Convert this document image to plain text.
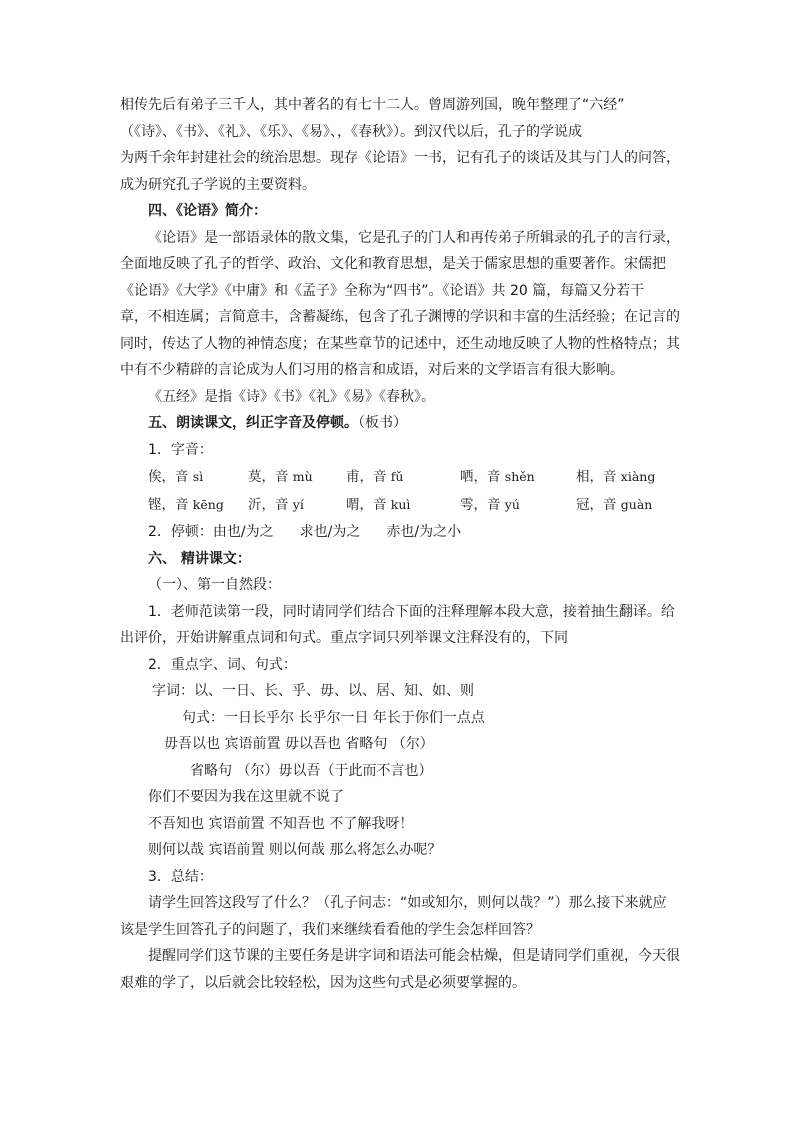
相传先后有弟子三千人，其中著名的有七十二人。曾周游列国，晚年整理了“六经”
（《诗》、《书》、《礼》、《乐》、《易》、，《春秋》）。到汉代以后，孔子的学说成
为两千余年封建社会的统治思想。现存《论语》一书，记有孔子的谈话及其与门人的问答，
成为研究孔子学说的主要资料。
四、《论语》简介：
《论语》是一部语录体的散文集，它是孔子的门人和再传弟子所辑录的孔子的言行录，
全面地反映了孔子的哲学、政治、文化和教育思想，是关于儒家思想的重要著作。宋儒把
《论语》《大学》《中庸》和《孟子》全称为“四书”。《论语》共 20 篇，每篇又分若干
章，不相连属；言简意丰，含蓄凝练，包含了孔子渊博的学识和丰富的生活经验；在记言的
同时，传达了人物的神情态度；在某些章节的记述中，还生动地反映了人物的性格特点；其
中有不少精辟的言论成为人们习用的格言和成语，对后来的文学语言有很大影响。
《五经》是指《诗》《书》《礼》《易》《春秋》。
五、朗读课文，纠正字音及停顿。（板书）
1．字音：
俟，音 sì	莫，音 mù 甫，音 fǔ	哂，音 shěn	相，音 xiàng
铿，音 kēng 沂，音 yí	喟，音 kuì	雩，音 yú	冠，音 guàn
2．停顿：由也/为之 求也/为之 赤也/为之小
六、 精讲课文：
（一）、第一自然段：
1．老师范读第一段，同时请同学们结合下面的注释理解本段大意，接着抽生翻译。给
出评价，开始讲解重点词和句式。重点字词只列举课文注释没有的，下同
2．重点字、词、句式：
字词：以、一日、长、乎、毋、以、居、知、如、则
句式：一日长乎尔 长乎尔一日 年长于你们一点点
毋吾以也 宾语前置 毋以吾也 省略句 （尔）
省略句 （尔）毋以吾（于此而不言也）
你们不要因为我在这里就不说了
不吾知也 宾语前置 不知吾也 不了解我呀！
则何以哉 宾语前置 则以何哉 那么将怎么办呢？
3．总结：
请学生回答这段写了什么？（孔子问志：“如或知尔，则何以哉？”）那么接下来就应
该是学生回答孔子的问题了，我们来继续看看他的学生会怎样回答？
提醒同学们这节课的主要任务是讲字词和语法可能会枯燥，但是请同学们重视，今天很
艰难的学了，以后就会比较轻松，因为这些句式是必须要掌握的。
